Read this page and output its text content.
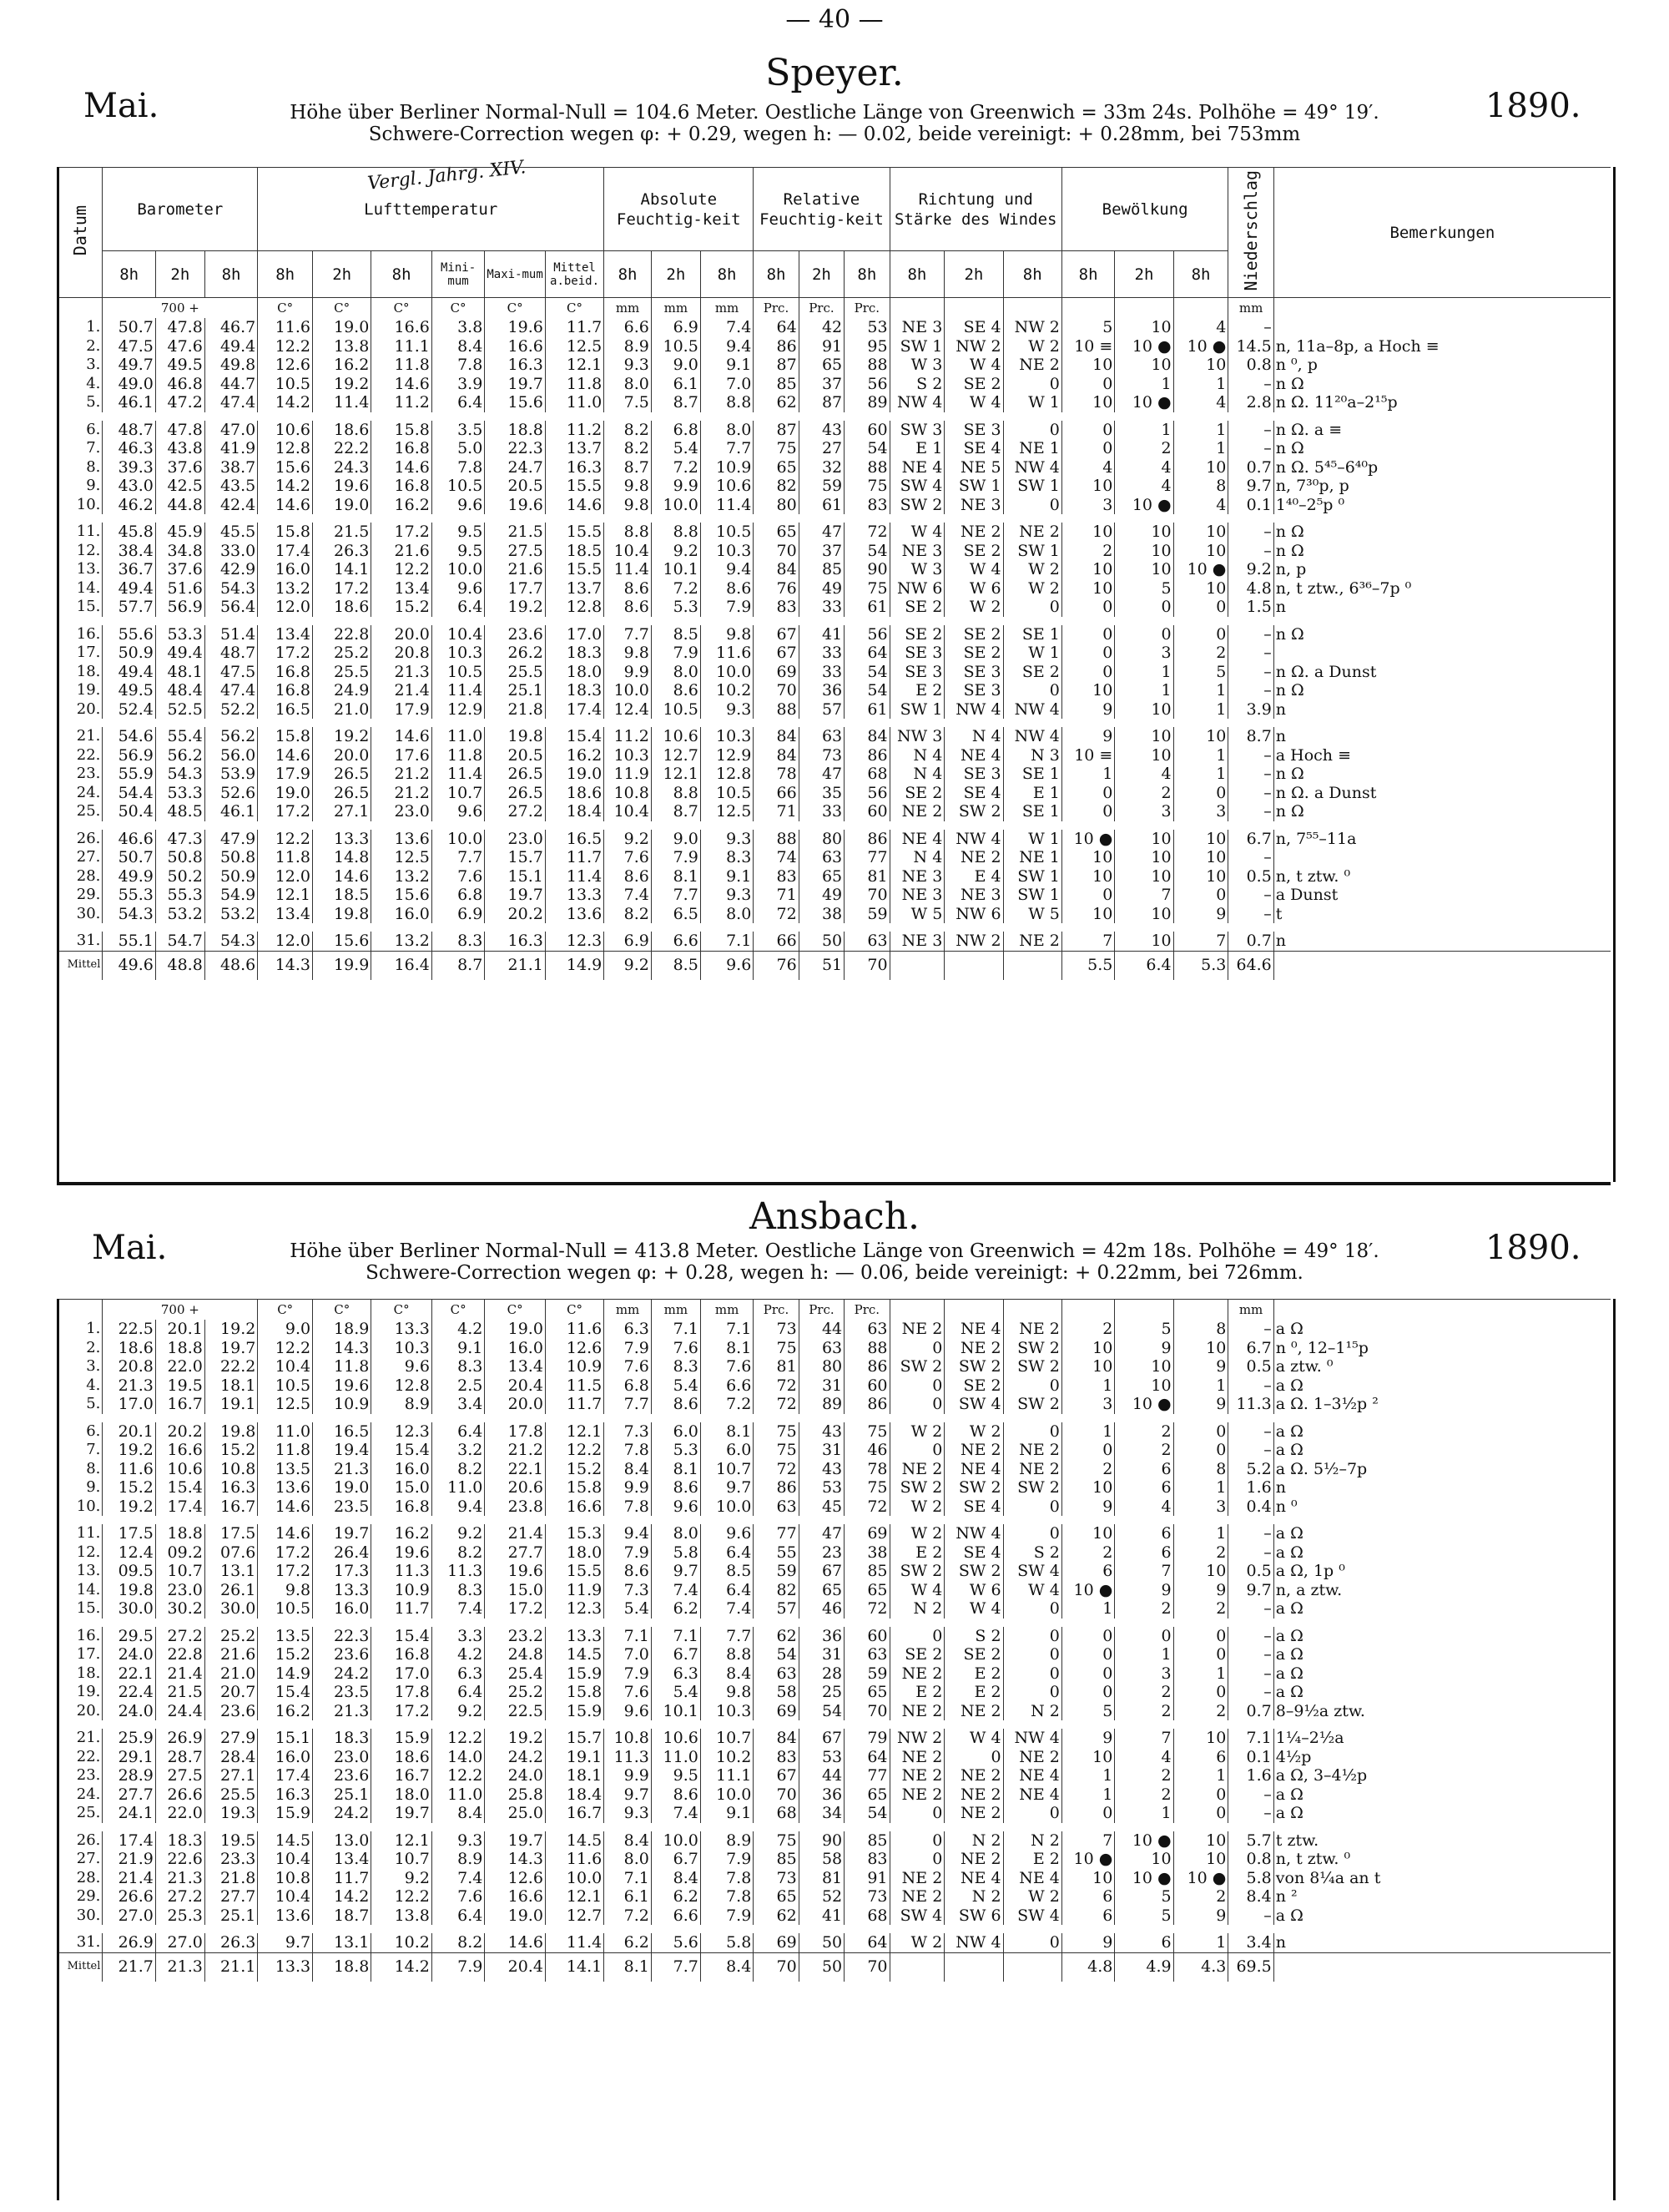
— 40 —
Speyer.
Mai.	1890.
Höhe über Berliner Normal-Null = 104.6 Meter. Oestliche Länge von Greenwich = 33m 24s. Polhöhe = 49° 19′.
Schwere-Correction wegen φ: + 0.29, wegen h: — 0.02, beide vereinigt: + 0.28mm, bei 753mm
Vergl. Jahrg. XIV.
Datum	Barometer			Lufttemperatur						Absolute Feuchtig-keit			Relative Feuchtig-keit			Richtung und Stärke des Windes			Bewölkung			Niederschlag	Bemerkungen
	8h	2h	8h	8h	2h	8h	Mini-mum	Maxi-mum	Mittel a.beid.	8h	2h	8h	8h	2h	8h	8h	2h	8h	8h	2h	8h		
	700 +			C°	C°	C°	C°	C°	C°	mm	mm	mm	Prc.	Prc.	Prc.							mm	
1.	50.7	47.8	46.7	11.6	19.0	16.6	3.8	19.6	11.7	6.6	6.9	7.4	64	42	53	NE 3	SE 4	NW 2	5	10	4	–	
2.	47.5	47.6	49.4	12.2	13.8	11.1	8.4	16.6	12.5	8.9	10.5	9.4	86	91	95	SW 1	NW 2	W 2	10 ≡	10 ●	10 ●	14.5	n, 11a–8p, a Hoch ≡
3.	49.7	49.5	49.8	12.6	16.2	11.8	7.8	16.3	12.1	9.3	9.0	9.1	87	65	88	W 3	W 4	NE 2	10	10	10	0.8	n ⁰, p
4.	49.0	46.8	44.7	10.5	19.2	14.6	3.9	19.7	11.8	8.0	6.1	7.0	85	37	56	S 2	SE 2	0	0	1	1	–	n Ω
5.	46.1	47.2	47.4	14.2	11.4	11.2	6.4	15.6	11.0	7.5	8.7	8.8	62	87	89	NW 4	W 4	W 1	10	10 ●	4	2.8	n Ω. 11²⁰a–2¹⁵p

6.	48.7	47.8	47.0	10.6	18.6	15.8	3.5	18.8	11.2	8.2	6.8	8.0	87	43	60	SW 3	SE 3	0	0	1	1	–	n Ω. a ≡
7.	46.3	43.8	41.9	12.8	22.2	16.8	5.0	22.3	13.7	8.2	5.4	7.7	75	27	54	E 1	SE 4	NE 1	0	2	1	–	n Ω
8.	39.3	37.6	38.7	15.6	24.3	14.6	7.8	24.7	16.3	8.7	7.2	10.9	65	32	88	NE 4	NE 5	NW 4	4	4	10	0.7	n Ω. 5⁴⁵–6⁴⁰p
9.	43.0	42.5	43.5	14.2	19.6	16.8	10.5	20.5	15.5	9.8	9.9	10.6	82	59	75	SW 4	SW 1	SW 1	10	4	8	9.7	n, 7³⁰p, p
10.	46.2	44.8	42.4	14.6	19.0	16.2	9.6	19.6	14.6	9.8	10.0	11.4	80	61	83	SW 2	NE 3	0	3	10 ●	4	0.1	1⁴⁰–2⁵p ⁰

11.	45.8	45.9	45.5	15.8	21.5	17.2	9.5	21.5	15.5	8.8	8.8	10.5	65	47	72	W 4	NE 2	NE 2	10	10	10	–	n Ω
12.	38.4	34.8	33.0	17.4	26.3	21.6	9.5	27.5	18.5	10.4	9.2	10.3	70	37	54	NE 3	SE 2	SW 1	2	10	10	–	n Ω
13.	36.7	37.6	42.9	16.0	14.1	12.2	10.0	21.6	15.5	11.4	10.1	9.4	84	85	90	W 3	W 4	W 2	10	10	10 ●	9.2	n, p
14.	49.4	51.6	54.3	13.2	17.2	13.4	9.6	17.7	13.7	8.6	7.2	8.6	76	49	75	NW 6	W 6	W 2	10	5	10	4.8	n, t ztw., 6³⁶–7p ⁰
15.	57.7	56.9	56.4	12.0	18.6	15.2	6.4	19.2	12.8	8.6	5.3	7.9	83	33	61	SE 2	W 2	0	0	0	0	1.5	n

16.	55.6	53.3	51.4	13.4	22.8	20.0	10.4	23.6	17.0	7.7	8.5	9.8	67	41	56	SE 2	SE 2	SE 1	0	0	0	–	n Ω
17.	50.9	49.4	48.7	17.2	25.2	20.8	10.3	26.2	18.3	9.8	7.9	11.6	67	33	64	SE 3	SE 2	W 1	0	3	2	–	
18.	49.4	48.1	47.5	16.8	25.5	21.3	10.5	25.5	18.0	9.9	8.0	10.0	69	33	54	SE 3	SE 3	SE 2	0	1	5	–	n Ω. a Dunst
19.	49.5	48.4	47.4	16.8	24.9	21.4	11.4	25.1	18.3	10.0	8.6	10.2	70	36	54	E 2	SE 3	0	10	1	1	–	n Ω
20.	52.4	52.5	52.2	16.5	21.0	17.9	12.9	21.8	17.4	12.4	10.5	9.3	88	57	61	SW 1	NW 4	NW 4	9	10	1	3.9	n

21.	54.6	55.4	56.2	15.8	19.2	14.6	11.0	19.8	15.4	11.2	10.6	10.3	84	63	84	NW 3	N 4	NW 4	9	10	10	8.7	n
22.	56.9	56.2	56.0	14.6	20.0	17.6	11.8	20.5	16.2	10.3	12.7	12.9	84	73	86	N 4	NE 4	N 3	10 ≡	10	1	–	a Hoch ≡
23.	55.9	54.3	53.9	17.9	26.5	21.2	11.4	26.5	19.0	11.9	12.1	12.8	78	47	68	N 4	SE 3	SE 1	1	4	1	–	n Ω
24.	54.4	53.3	52.6	19.0	26.5	21.2	10.7	26.5	18.6	10.8	8.8	10.5	66	35	56	SE 2	SE 4	E 1	0	2	0	–	n Ω. a Dunst
25.	50.4	48.5	46.1	17.2	27.1	23.0	9.6	27.2	18.4	10.4	8.7	12.5	71	33	60	NE 2	SW 2	SE 1	0	3	3	–	n Ω

26.	46.6	47.3	47.9	12.2	13.3	13.6	10.0	23.0	16.5	9.2	9.0	9.3	88	80	86	NE 4	NW 4	W 1	10 ●	10	10	6.7	n, 7⁵⁵–11a
27.	50.7	50.8	50.8	11.8	14.8	12.5	7.7	15.7	11.7	7.6	7.9	8.3	74	63	77	N 4	NE 2	NE 1	10	10	10	–	
28.	49.9	50.2	50.9	12.0	14.6	13.2	7.6	15.1	11.4	8.6	8.1	9.1	83	65	81	NE 3	E 4	SW 1	10	10	10	0.5	n, t ztw. ⁰
29.	55.3	55.3	54.9	12.1	18.5	15.6	6.8	19.7	13.3	7.4	7.7	9.3	71	49	70	NE 3	NE 3	SW 1	0	7	0	–	a Dunst
30.	54.3	53.2	53.2	13.4	19.8	16.0	6.9	20.2	13.6	8.2	6.5	8.0	72	38	59	W 5	NW 6	W 5	10	10	9	–	t

31.	55.1	54.7	54.3	12.0	15.6	13.2	8.3	16.3	12.3	6.9	6.6	7.1	66	50	63	NE 3	NW 2	NE 2	7	10	7	0.7	n
Mittel	49.6	48.8	48.6	14.3	19.9	16.4	8.7	21.1	14.9	9.2	8.5	9.6	76	51	70				5.5	6.4	5.3	64.6	
Ansbach.
Mai.	1890.
Höhe über Berliner Normal-Null = 413.8 Meter. Oestliche Länge von Greenwich = 42m 18s. Polhöhe = 49° 18′.
Schwere-Correction wegen φ: + 0.28, wegen h: — 0.06, beide vereinigt: + 0.22mm, bei 726mm.
	700 +			C°	C°	C°	C°	C°	C°	mm	mm	mm	Prc.	Prc.	Prc.							mm	
1.	22.5	20.1	19.2	9.0	18.9	13.3	4.2	19.0	11.6	6.3	7.1	7.1	73	44	63	NE 2	NE 4	NE 2	2	5	8	–	a Ω
2.	18.6	18.8	19.7	12.2	14.3	10.3	9.1	16.0	12.6	7.9	7.6	8.1	75	63	88	0	NE 2	SW 2	10	9	10	6.7	n ⁰, 12–1¹⁵p
3.	20.8	22.0	22.2	10.4	11.8	9.6	8.3	13.4	10.9	7.6	8.3	7.6	81	80	86	SW 2	SW 2	SW 2	10	10	9	0.5	a ztw. ⁰
4.	21.3	19.5	18.1	10.5	19.6	12.8	2.5	20.4	11.5	6.8	5.4	6.6	72	31	60	0	SE 2	0	1	10	1	–	a Ω
5.	17.0	16.7	19.1	12.5	10.9	8.9	3.4	20.0	11.7	7.7	8.6	7.2	72	89	86	0	SW 4	SW 2	3	10 ●	9	11.3	a Ω. 1–3½p ²

6.	20.1	20.2	19.8	11.0	16.5	12.3	6.4	17.8	12.1	7.3	6.0	8.1	75	43	75	W 2	W 2	0	1	2	0	–	a Ω
7.	19.2	16.6	15.2	11.8	19.4	15.4	3.2	21.2	12.2	7.8	5.3	6.0	75	31	46	0	NE 2	NE 2	0	2	0	–	a Ω
8.	11.6	10.6	10.8	13.5	21.3	16.0	8.2	22.1	15.2	8.4	8.1	10.7	72	43	78	NE 2	NE 4	NE 2	2	6	8	5.2	a Ω. 5½–7p
9.	15.2	15.4	16.3	13.6	19.0	15.0	11.0	20.6	15.8	9.9	8.6	9.7	86	53	75	SW 2	SW 2	SW 2	10	6	1	1.6	n
10.	19.2	17.4	16.7	14.6	23.5	16.8	9.4	23.8	16.6	7.8	9.6	10.0	63	45	72	W 2	SE 4	0	9	4	3	0.4	n ⁰

11.	17.5	18.8	17.5	14.6	19.7	16.2	9.2	21.4	15.3	9.4	8.0	9.6	77	47	69	W 2	NW 4	0	10	6	1	–	a Ω
12.	12.4	09.2	07.6	17.2	26.4	19.6	8.2	27.7	18.0	7.9	5.8	6.4	55	23	38	E 2	SE 4	S 2	2	6	2	–	a Ω
13.	09.5	10.7	13.1	17.2	17.3	11.3	11.3	19.6	15.5	8.6	9.7	8.5	59	67	85	SW 2	SW 2	SW 4	6	7	10	0.5	a Ω, 1p ⁰
14.	19.8	23.0	26.1	9.8	13.3	10.9	8.3	15.0	11.9	7.3	7.4	6.4	82	65	65	W 4	W 6	W 4	10 ●	9	9	9.7	n, a ztw.
15.	30.0	30.2	30.0	10.5	16.0	11.7	7.4	17.2	12.3	5.4	6.2	7.4	57	46	72	N 2	W 4	0	1	2	2	–	a Ω

16.	29.5	27.2	25.2	13.5	22.3	15.4	3.3	23.2	13.3	7.1	7.1	7.7	62	36	60	0	S 2	0	0	0	0	–	a Ω
17.	24.0	22.8	21.6	15.2	23.6	16.8	4.2	24.8	14.5	7.0	6.7	8.8	54	31	63	SE 2	SE 2	0	0	1	0	–	a Ω
18.	22.1	21.4	21.0	14.9	24.2	17.0	6.3	25.4	15.9	7.9	6.3	8.4	63	28	59	NE 2	E 2	0	0	3	1	–	a Ω
19.	22.4	21.5	20.7	15.4	23.5	17.8	6.4	25.2	15.8	7.6	5.4	9.8	58	25	65	E 2	E 2	0	0	2	0	–	a Ω
20.	24.0	24.4	23.6	16.2	21.3	17.2	9.2	22.5	15.9	9.6	10.1	10.3	69	54	70	NE 2	NE 2	N 2	5	2	2	0.7	8–9½a ztw.

21.	25.9	26.9	27.9	15.1	18.3	15.9	12.2	19.2	15.7	10.8	10.6	10.7	84	67	79	NW 2	W 4	NW 4	9	7	10	7.1	1¼–2½a
22.	29.1	28.7	28.4	16.0	23.0	18.6	14.0	24.2	19.1	11.3	11.0	10.2	83	53	64	NE 2	0	NE 2	10	4	6	0.1	4½p
23.	28.9	27.5	27.1	17.4	23.6	16.7	12.2	24.0	18.1	9.9	9.5	11.1	67	44	77	NE 2	NE 2	NE 4	1	2	1	1.6	a Ω, 3–4½p
24.	27.7	26.6	25.5	16.3	25.1	18.0	11.0	25.8	18.4	9.7	8.6	10.0	70	36	65	NE 2	NE 2	NE 4	1	2	0	–	a Ω
25.	24.1	22.0	19.3	15.9	24.2	19.7	8.4	25.0	16.7	9.3	7.4	9.1	68	34	54	0	NE 2	0	0	1	0	–	a Ω

26.	17.4	18.3	19.5	14.5	13.0	12.1	9.3	19.7	14.5	8.4	10.0	8.9	75	90	85	0	N 2	N 2	7	10 ●	10	5.7	t ztw.
27.	21.9	22.6	23.3	10.4	13.4	10.7	8.9	14.3	11.6	8.0	6.7	7.9	85	58	83	0	NE 2	E 2	10 ●	10	10	0.8	n, t ztw. ⁰
28.	21.4	21.3	21.8	10.8	11.7	9.2	7.4	12.6	10.0	7.1	8.4	7.8	73	81	91	NE 2	NE 4	NE 4	10	10 ●	10 ●	5.8	von 8¼a an t
29.	26.6	27.2	27.7	10.4	14.2	12.2	7.6	16.6	12.1	6.1	6.2	7.8	65	52	73	NE 2	N 2	W 2	6	5	2	8.4	n ²
30.	27.0	25.3	25.1	13.6	18.7	13.8	6.4	19.0	12.7	7.2	6.6	7.9	62	41	68	SW 4	SW 6	SW 4	6	5	9	–	a Ω

31.	26.9	27.0	26.3	9.7	13.1	10.2	8.2	14.6	11.4	6.2	5.6	5.8	69	50	64	W 2	NW 4	0	9	6	1	3.4	n
Mittel	21.7	21.3	21.1	13.3	18.8	14.2	7.9	20.4	14.1	8.1	7.7	8.4	70	50	70				4.8	4.9	4.3	69.5	
